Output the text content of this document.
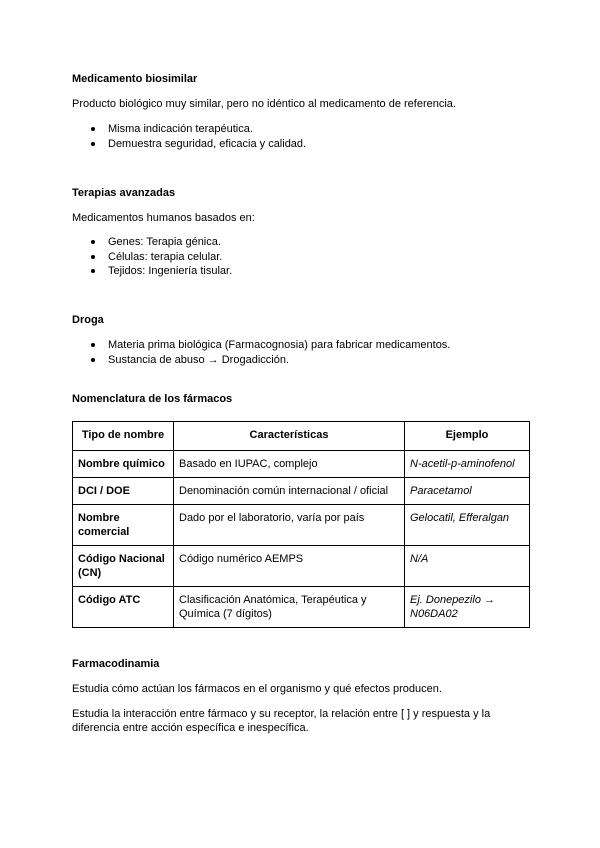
Medicamento biosimilar

Producto biológico muy similar, pero no idéntico al medicamento de referencia.

Misma indicación terapéutica.
Demuestra seguridad, eficacia y calidad.
Terapias avanzadas

Medicamentos humanos basados en:

Genes: Terapia génica.
Células: terapia celular.
Tejidos: Ingeniería tisular.
Droga
Materia prima biológica (Farmacognosia) para fabricar medicamentos.
Sustancia de abuso → Drogadicción.
Nomenclatura de los fármacos
Tipo de nombre	Características	Ejemplo
Nombre químico	Basado en IUPAC, complejo	N-acetil-p-aminofenol
DCI / DOE	Denominación común internacional / oficial	Paracetamol
Nombre comercial	Dado por el laboratorio, varía por país	Gelocatil, Efferalgan
Código Nacional (CN)	Código numérico AEMPS	N/A
Código ATC	Clasificación Anatómica, Terapéutica y Química (7 dígitos)	Ej. Donepezilo → N06DA02
Farmacodinamia

Estudia cómo actúan los fármacos en el organismo y qué efectos producen.

Estudia la interacción entre fármaco y su receptor, la relación entre [ ] y respuesta y la diferencia entre acción específica e inespecífica.
